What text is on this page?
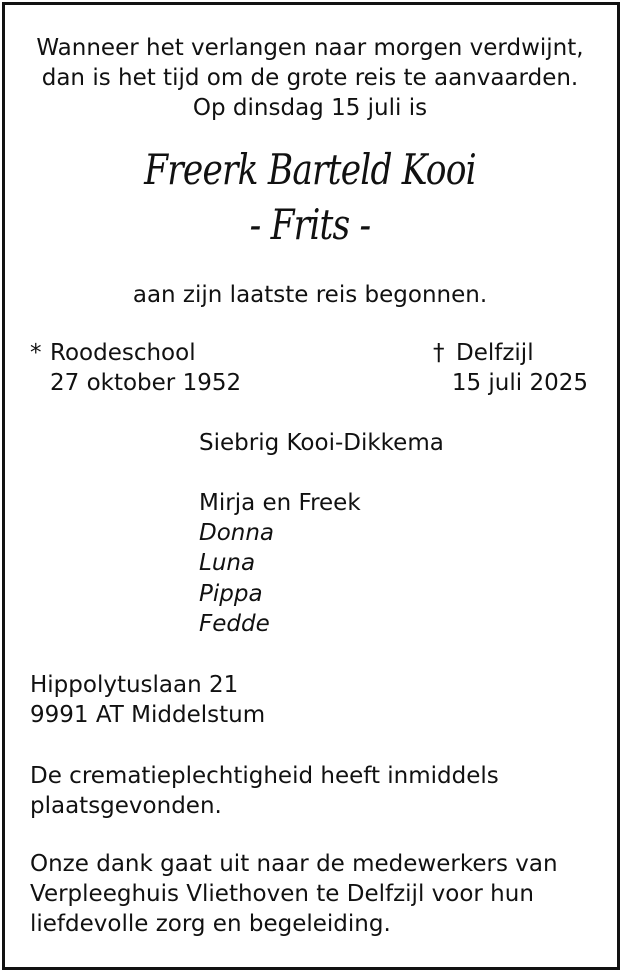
Wanneer het verlangen naar morgen verdwijnt,
dan is het tijd om de grote reis te aanvaarden.
Op dinsdag 15 juli is
Freerk Barteld Kooi
- Frits -
aan zijn laatste reis begonnen.
* Roodeschool
27 oktober 1952
† Delfzijl
15 juli 2025
Siebrig Kooi-Dikkema
Mirja en Freek
Donna
Luna
Pippa
Fedde
Hippolytuslaan 21
9991 AT Middelstum
De crematieplechtigheid heeft inmiddels
plaatsgevonden.
Onze dank gaat uit naar de medewerkers van
Verpleeghuis Vliethoven te Delfzijl voor hun
liefdevolle zorg en begeleiding.
